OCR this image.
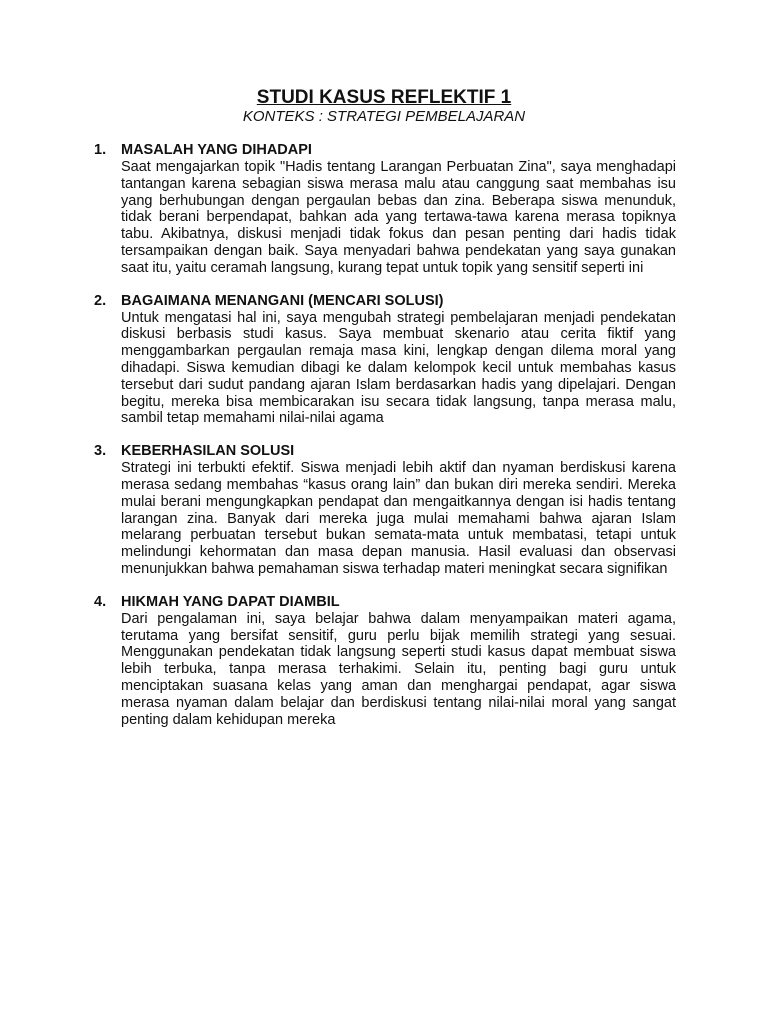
STUDI KASUS REFLEKTIF 1

KONTEKS : STRATEGI PEMBELAJARAN

1. MASALAH YANG DIHADAPI

Saat mengajarkan topik "Hadis tentang Larangan Perbuatan Zina", saya menghadapi tantangan karena sebagian siswa merasa malu atau canggung saat membahas isu yang berhubungan dengan pergaulan bebas dan zina. Beberapa siswa menunduk, tidak berani berpendapat, bahkan ada yang tertawa-tawa karena merasa topiknya tabu. Akibatnya, diskusi menjadi tidak fokus dan pesan penting dari hadis tidak tersampaikan dengan baik. Saya menyadari bahwa pendekatan yang saya gunakan saat itu, yaitu ceramah langsung, kurang tepat untuk topik yang sensitif seperti ini

2. BAGAIMANA MENANGANI (MENCARI SOLUSI)

Untuk mengatasi hal ini, saya mengubah strategi pembelajaran menjadi pendekatan diskusi berbasis studi kasus. Saya membuat skenario atau cerita fiktif yang menggambarkan pergaulan remaja masa kini, lengkap dengan dilema moral yang dihadapi. Siswa kemudian dibagi ke dalam kelompok kecil untuk membahas kasus tersebut dari sudut pandang ajaran Islam berdasarkan hadis yang dipelajari. Dengan begitu, mereka bisa membicarakan isu secara tidak langsung, tanpa merasa malu, sambil tetap memahami nilai-nilai agama

3. KEBERHASILAN SOLUSI

Strategi ini terbukti efektif. Siswa menjadi lebih aktif dan nyaman berdiskusi karena merasa sedang membahas “kasus orang lain” dan bukan diri mereka sendiri. Mereka mulai berani mengungkapkan pendapat dan mengaitkannya dengan isi hadis tentang larangan zina. Banyak dari mereka juga mulai memahami bahwa ajaran Islam melarang perbuatan tersebut bukan semata-mata untuk membatasi, tetapi untuk melindungi kehormatan dan masa depan manusia. Hasil evaluasi dan observasi menunjukkan bahwa pemahaman siswa terhadap materi meningkat secara signifikan

4. HIKMAH YANG DAPAT DIAMBIL

Dari pengalaman ini, saya belajar bahwa dalam menyampaikan materi agama, terutama yang bersifat sensitif, guru perlu bijak memilih strategi yang sesuai. Menggunakan pendekatan tidak langsung seperti studi kasus dapat membuat siswa lebih terbuka, tanpa merasa terhakimi. Selain itu, penting bagi guru untuk menciptakan suasana kelas yang aman dan menghargai pendapat, agar siswa merasa nyaman dalam belajar dan berdiskusi tentang nilai-nilai moral yang sangat penting dalam kehidupan mereka
